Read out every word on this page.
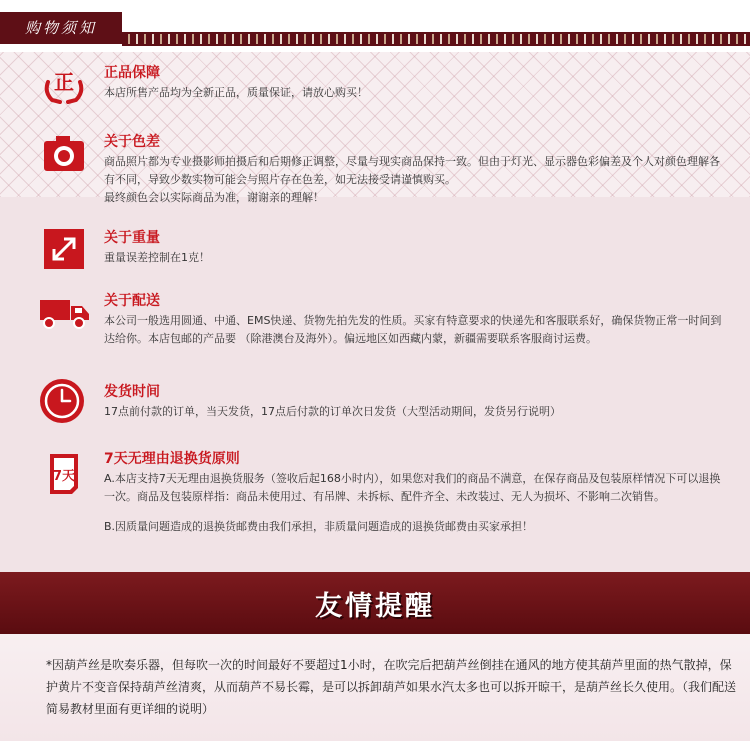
购物须知
正 正品保障

本店所售产品均为全新正品，质量保证，请放心购买！

关于色差

商品照片都为专业摄影师拍摄后和后期修正调整，尽量与现实商品保持一致。但由于灯光、显示器色彩偏差及个人对颜色理解各有不同，导致少数实物可能会与照片存在色差，如无法接受请谨慎购买。

最终颜色会以实际商品为准，谢谢亲的理解！

关于重量

重量误差控制在1克！

关于配送

本公司一般选用圆通、中通、EMS快递、货物先拍先发的性质。买家有特意要求的快递先和客服联系好，确保货物正常一时间到达给你。本店包邮的产品要 （除港澳台及海外）。偏远地区如西藏内蒙，新疆需要联系客服商讨运费。

发货时间

17点前付款的订单，当天发货，17点后付款的订单次日发货（大型活动期间，发货另行说明）

7天
7天无理由退换货原则

A.本店支持7天无理由退换货服务（签收后起168小时内），如果您对我们的商品不满意，在保存商品及包装原样情况下可以退换一次。商品及包装原样指：商品未使用过、有吊牌、未拆标、配件齐全、未改装过、无人为损坏、不影响二次销售。

B.因质量问题造成的退换货邮费由我们承担，非质量问题造成的退换货邮费由买家承担！

友情提醒
*因葫芦丝是吹奏乐器，但每吹一次的时间最好不要超过1小时，在吹完后把葫芦丝倒挂在通风的地方使其葫芦里面的热气散掉，保护黄片不变音保持葫芦丝清爽，从而葫芦不易长霉，是可以拆卸葫芦如果水汽太多也可以拆开晾干，是葫芦丝长久使用。（我们配送简易教材里面有更详细的说明）
